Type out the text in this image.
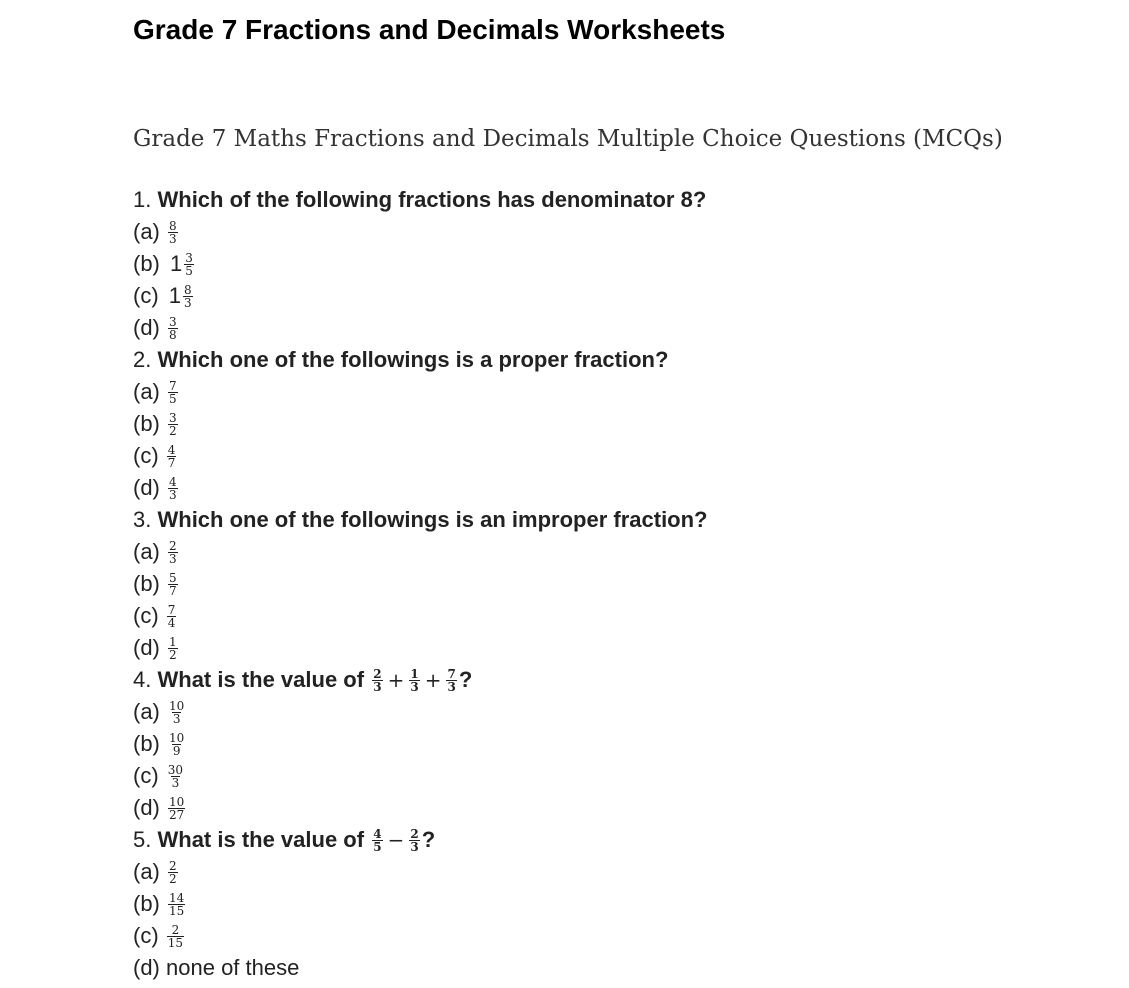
Grade 7 Fractions and Decimals Worksheets
Grade 7 Maths Fractions and Decimals Multiple Choice Questions (MCQs)
1. Which of the following fractions has denominator 8?
$(a) \frac{8}{3}$
(b) $1 \frac{3}{5}$
(c) $1 \frac{8}{3}$
$(d) \frac{3}{8}$
2. Which one of the followings is a proper fraction?
$(a) \frac{7}{5}$
$(b) \frac{3}{2}$
$(c) \frac{4}{7}$
$(d) \frac{4}{3}$
3. Which one of the followings is an improper fraction?
$(a) \frac{2}{3}$
$(b) \frac{5}{7}$
$(c) \frac{7}{4}$
$(d) \frac{1}{2}$
4. What is the value of $\frac{2}{3} + \frac{1}{3} + \frac{7}{3}$ ?
$(a) \frac{10}{3}$
$(b) \frac{10}{9}$
$(c) \frac{30}{3}$
$(d) \frac{10}{27}$
5. What is the value of $\frac{4}{5} - \frac{2}{3}$ ?
$(a) \frac{2}{2}$
$(b) \frac{14}{15}$
$(c) \frac{2}{15}$
(d) none of these
